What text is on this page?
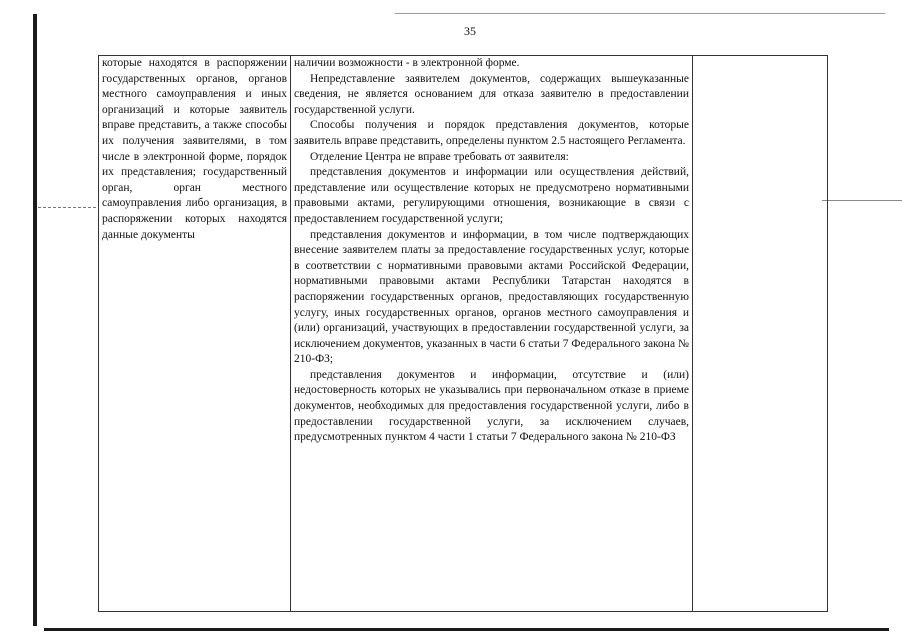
35

которые находятся в распоряжении государственных органов, органов местного самоуправления и иных организаций и которые заявитель вправе представить, а также способы их получения заявителями, в том числе в электронной форме, порядок их представления; государственный орган, орган местного самоуправления либо организация, в распоряжении которых находятся данные документы

наличии возможности - в электронной форме.

Непредставление заявителем документов, содержащих вышеуказанные сведения, не является основанием для отказа заявителю в предоставлении государственной услуги.

Способы получения и порядок представления документов, которые заявитель вправе представить, определены пунктом 2.5 настоящего Регламента.

Отделение Центра не вправе требовать от заявителя:

представления документов и информации или осуществления действий, представление или осуществление которых не предусмотрено нормативными правовыми актами, регулирующими отношения, возникающие в связи с предоставлением государственной услуги;

представления документов и информации, в том числе подтверждающих внесение заявителем платы за предоставление государственных услуг, которые в соответствии с нормативными правовыми актами Российской Федерации, нормативными правовыми актами Республики Татарстан находятся в распоряжении государственных органов, предоставляющих государственную услугу, иных государственных органов, органов местного самоуправления и (или) организаций, участвующих в предоставлении государственной услуги, за исключением документов, указанных в части 6 статьи 7 Федерального закона № 210-ФЗ;

представления документов и информации, отсутствие и (или) недостоверность которых не указывались при первоначальном отказе в приеме документов, необходимых для предоставления государственной услуги, либо в предоставлении государственной услуги, за исключением случаев, предусмотренных пунктом 4 части 1 статьи 7 Федерального закона № 210-ФЗ
